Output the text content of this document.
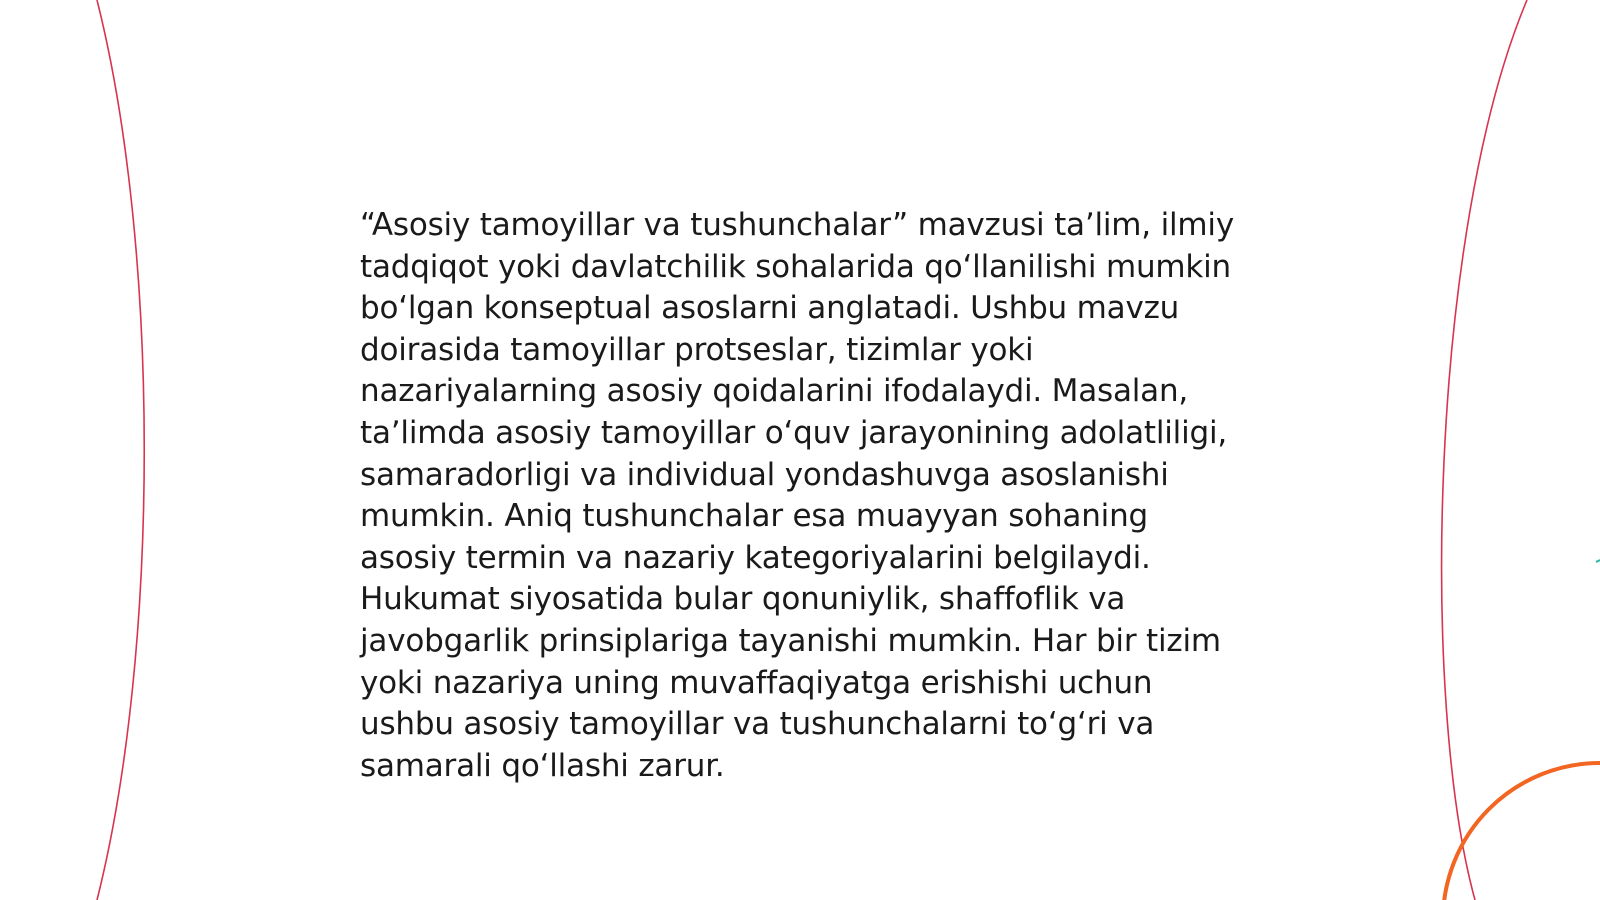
“Asosiy tamoyillar va tushunchalar” mavzusi ta’lim, ilmiy tadqiqot yoki davlatchilik sohalarida qo‘llanilishi mumkin bo‘lgan konseptual asoslarni anglatadi. Ushbu mavzu doirasida tamoyillar protseslar, tizimlar yoki nazariyalarning asosiy qoidalarini ifodalaydi. Masalan, ta’limda asosiy tamoyillar o‘quv jarayonining adolatliligi, samaradorligi va individual yondashuvga asoslanishi mumkin. Aniq tushunchalar esa muayyan sohaning asosiy termin va nazariy kategoriyalarini belgilaydi. Hukumat siyosatida bular qonuniylik, shaffoflik va javobgarlik prinsiplariga tayanishi mumkin. Har bir tizim yoki nazariya uning muvaffaqiyatga erishishi uchun ushbu asosiy tamoyillar va tushunchalarni to‘g‘ri va samarali qo‘llashi zarur.
